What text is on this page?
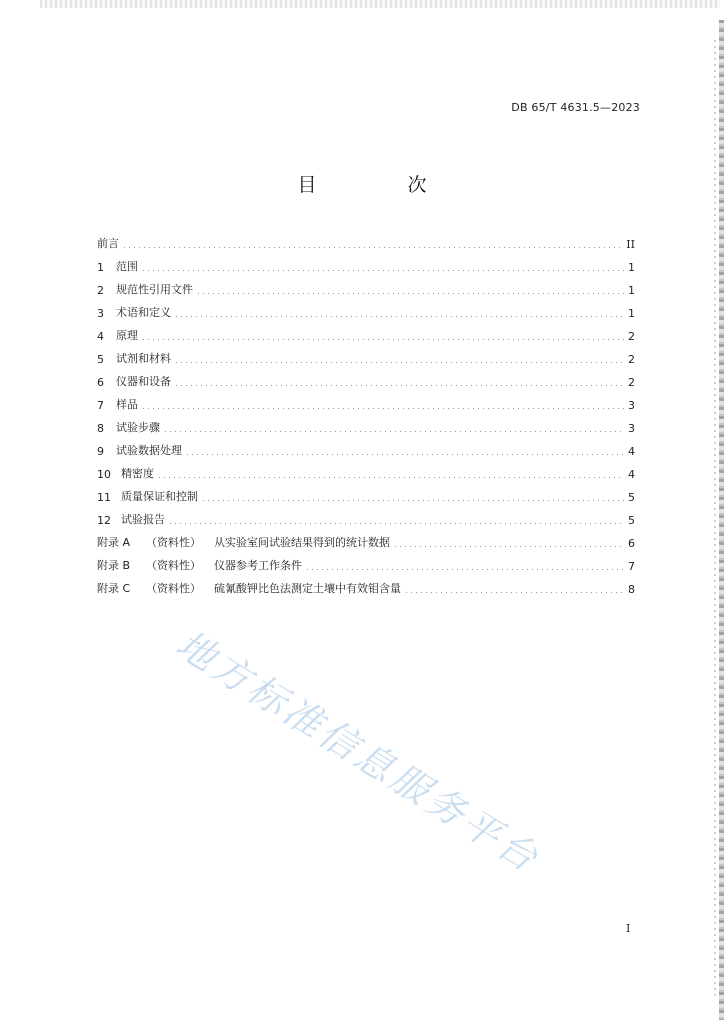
DB 65/T 4631.5—2023
目　次
前言	II
1	范围	1
2	规范性引用文件	1
3	术语和定义	1
4	原理	2
5	试剂和材料	2
6	仪器和设备	2
7	样品	3
8	试验步骤	3
9	试验数据处理	4
10 精密度	4
11 质量保证和控制	5
12 试验报告	5
附录 A	（资料性）	从实验室间试验结果得到的统计数据	6
附录 B	（资料性）	仪器参考工作条件	7
附录 C	（资料性）	硫氰酸钾比色法测定土壤中有效钼含量	8
地方标准信息服务平台
I
